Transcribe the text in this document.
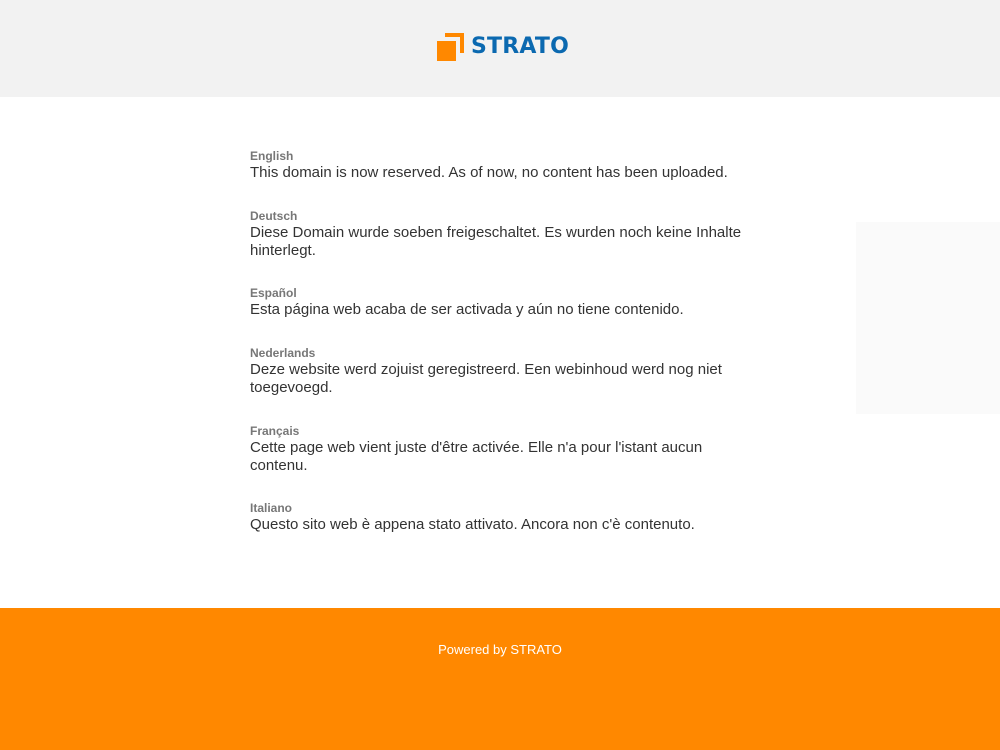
STRATO
English
This domain is now reserved. As of now, no content has been uploaded.
Deutsch
Diese Domain wurde soeben freigeschaltet. Es wurden noch keine Inhalte hinterlegt.
Español
Esta página web acaba de ser activada y aún no tiene contenido.
Nederlands
Deze website werd zojuist geregistreerd. Een webinhoud werd nog niet toegevoegd.
Français
Cette page web vient juste d'être activée. Elle n'a pour l'istant aucun contenu.
Italiano
Questo sito web è appena stato attivato. Ancora non c'è contenuto.
Powered by STRATO
